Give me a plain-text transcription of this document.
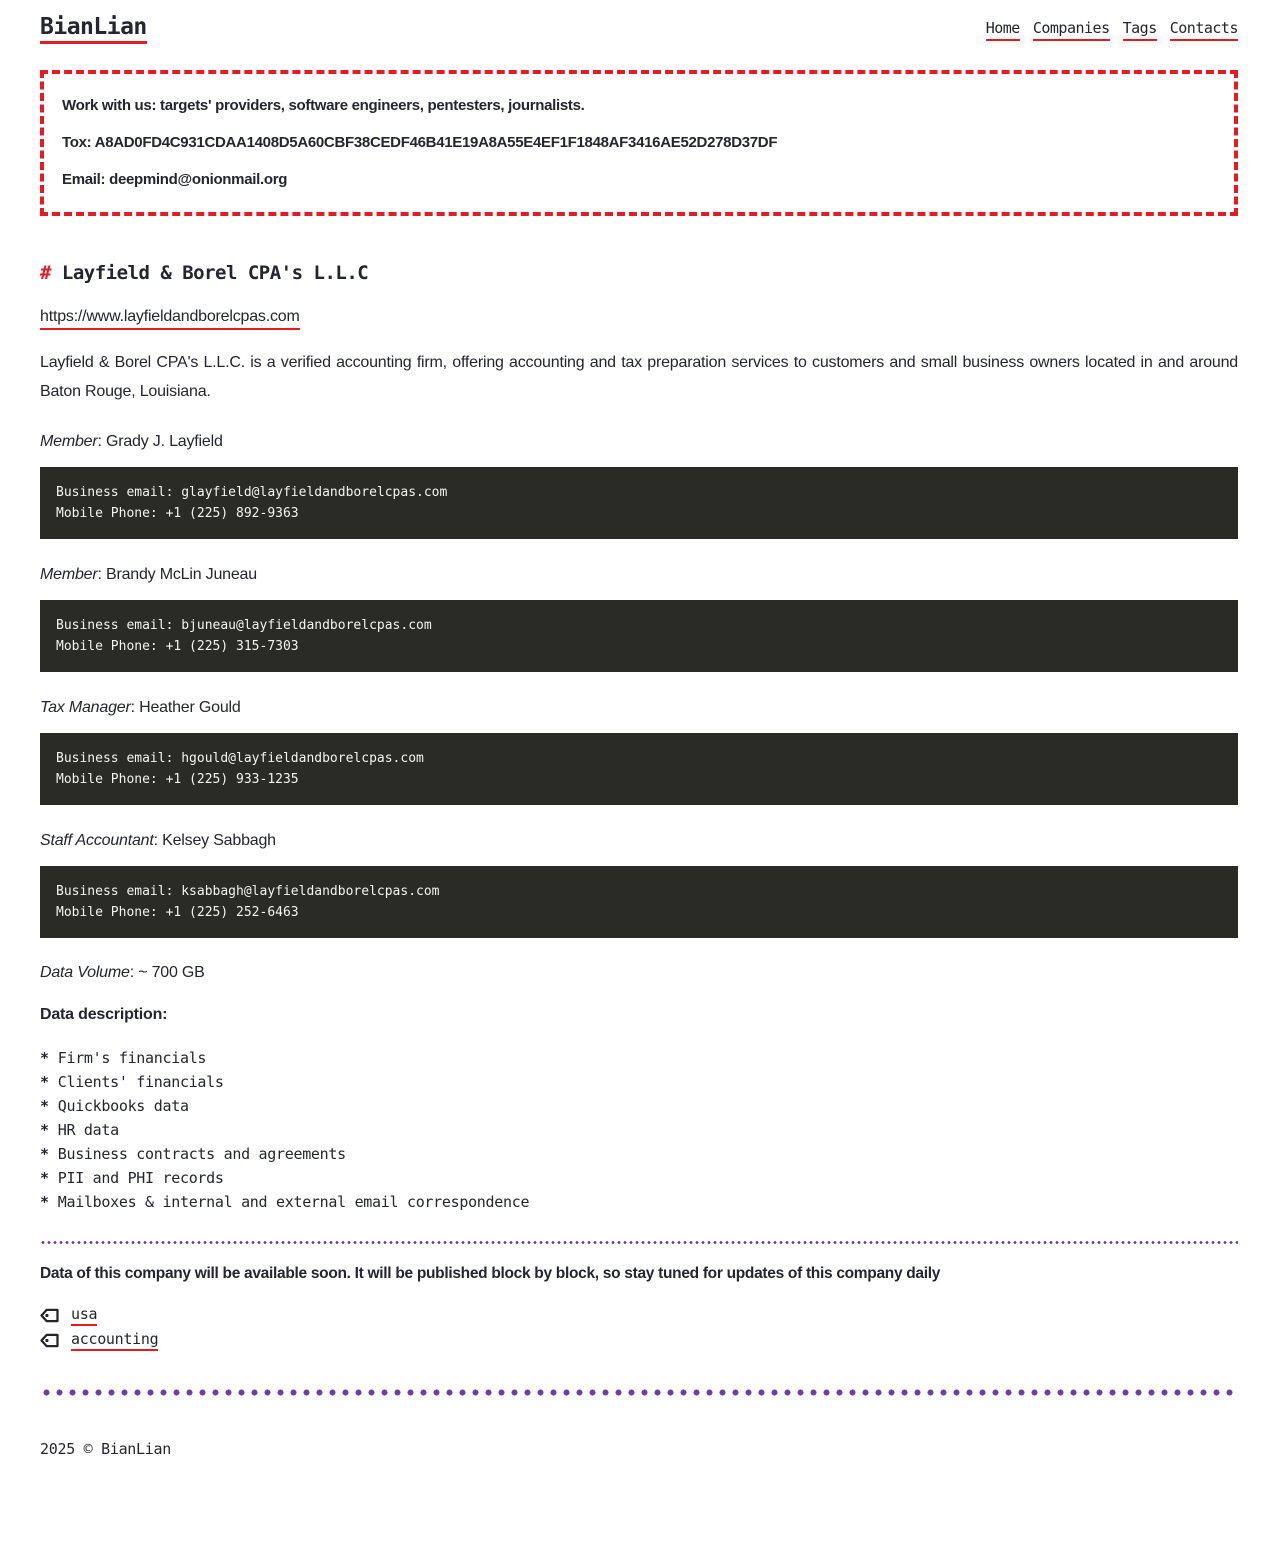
BianLian	Home Companies Tags Contacts

Work with us: targets' providers, software engineers, pentesters, journalists.

Tox: A8AD0FD4C931CDAA1408D5A60CBF38CEDF46B41E19A8A55E4EF1F1848AF3416AE52D278D37DF

Email: deepmind@onionmail.org

# Layfield & Borel CPA's L.L.C
https://www.layfieldandborelcpas.com

Layfield & Borel CPA's L.L.C. is a verified accounting firm, offering accounting and tax preparation services to customers and small business owners located in and around Baton Rouge, Louisiana.

Member: Grady J. Layfield

Business email: glayfield@layfieldandborelcpas.com
Mobile Phone: +1 (225) 892-9363

Member: Brandy McLin Juneau

Business email: bjuneau@layfieldandborelcpas.com
Mobile Phone: +1 (225) 315-7303

Tax Manager: Heather Gould

Business email: hgould@layfieldandborelcpas.com
Mobile Phone: +1 (225) 933-1235

Staff Accountant: Kelsey Sabbagh

Business email: ksabbagh@layfieldandborelcpas.com
Mobile Phone: +1 (225) 252-6463

Data Volume: ~ 700 GB

Data description:

* Firm's financials
* Clients' financials
* Quickbooks data
* HR data
* Business contracts and agreements
* PII and PHI records
* Mailboxes & internal and external email correspondence

Data of this company will be available soon. It will be published block by block, so stay tuned for updates of this company daily

usa
accounting
2025 © BianLian
